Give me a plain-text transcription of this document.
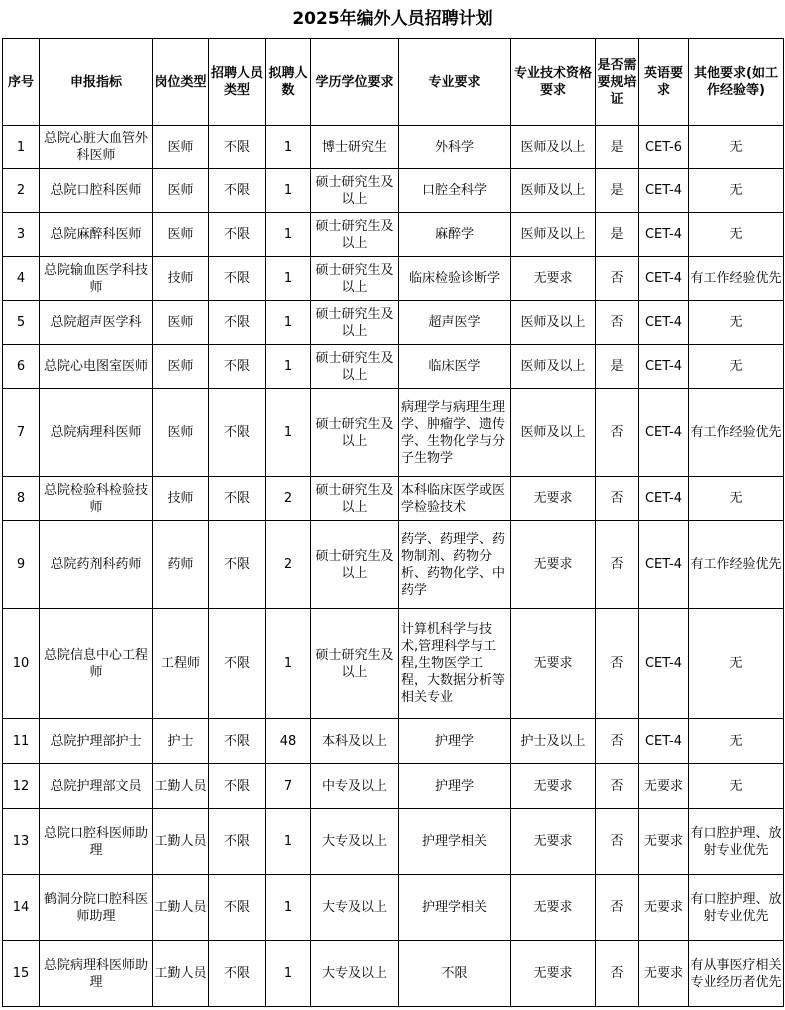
2025年编外人员招聘计划
序号	申报指标	岗位类型	招聘人员类型	拟聘人数	学历学位要求	专业要求	专业技术资格要求	是否需要规培证	英语要求	其他要求(如工作经验等)
1	总院心脏大血管外科医师	医师	不限	1	博士研究生	外科学	医师及以上	是	CET-6	无
2	总院口腔科医师	医师	不限	1	硕士研究生及以上	口腔全科学	医师及以上	是	CET-4	无
3	总院麻醉科医师	医师	不限	1	硕士研究生及以上	麻醉学	医师及以上	是	CET-4	无
4	总院输血医学科技师	技师	不限	1	硕士研究生及以上	临床检验诊断学	无要求	否	CET-4	有工作经验优先
5	总院超声医学科	医师	不限	1	硕士研究生及以上	超声医学	医师及以上	否	CET-4	无
6	总院心电图室医师	医师	不限	1	硕士研究生及以上	临床医学	医师及以上	是	CET-4	无
7	总院病理科医师	医师	不限	1	硕士研究生及以上	病理学与病理生理学、肿瘤学、遗传学、生物化学与分子生物学	医师及以上	否	CET-4	有工作经验优先
8	总院检验科检验技师	技师	不限	2	硕士研究生及以上	本科临床医学或医学检验技术	无要求	否	CET-4	无
9	总院药剂科药师	药师	不限	2	硕士研究生及以上	药学、药理学、药物制剂、药物分析、药物化学、中药学	无要求	否	CET-4	有工作经验优先
10	总院信息中心工程师	工程师	不限	1	硕士研究生及以上	计算机科学与技术,管理科学与工程,生物医学工程，大数据分析等相关专业	无要求	否	CET-4	无
11	总院护理部护士	护士	不限	48	本科及以上	护理学	护士及以上	否	CET-4	无
12	总院护理部文员	工勤人员	不限	7	中专及以上	护理学	无要求	否	无要求	无
13	总院口腔科医师助理	工勤人员	不限	1	大专及以上	护理学相关	无要求	否	无要求	有口腔护理、放射专业优先
14	鹤洞分院口腔科医师助理	工勤人员	不限	1	大专及以上	护理学相关	无要求	否	无要求	有口腔护理、放射专业优先
15	总院病理科医师助理	工勤人员	不限	1	大专及以上	不限	无要求	否	无要求	有从事医疗相关专业经历者优先
